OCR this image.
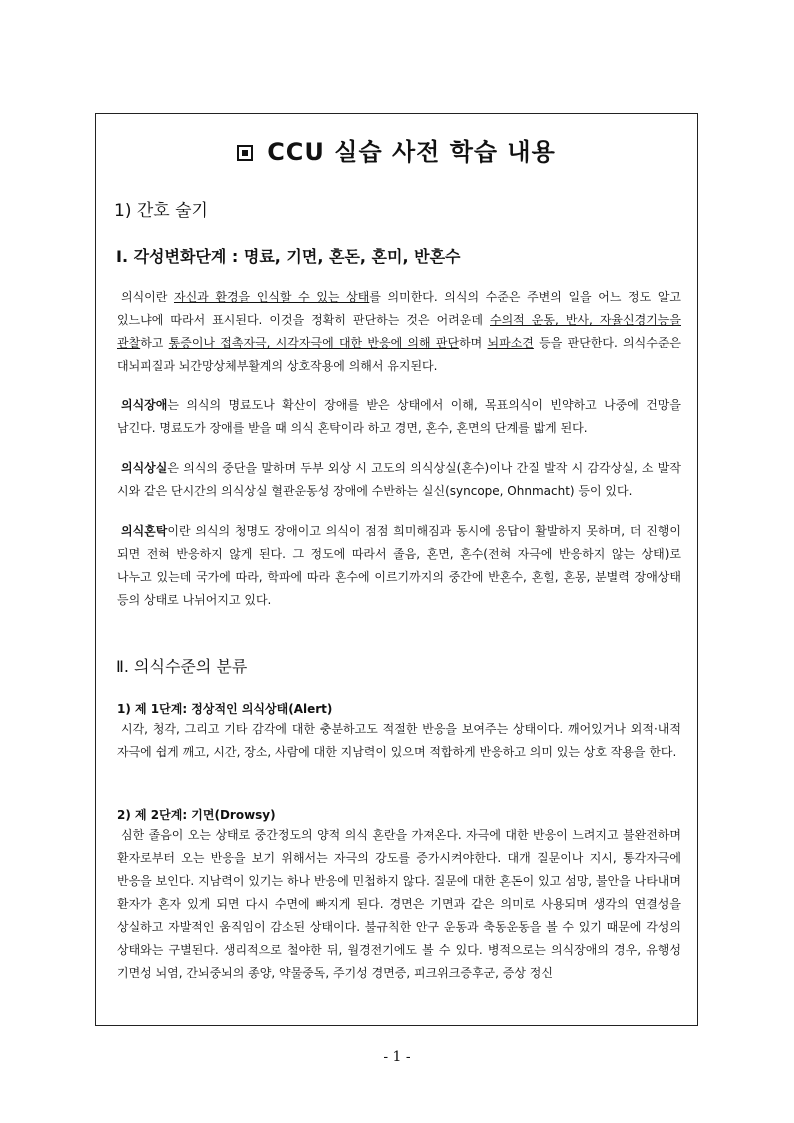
CCU 실습 사전 학습 내용
1) 간호 술기
Ⅰ. 각성변화단계 : 명료, 기면, 혼돈, 혼미, 반혼수
의식이란 자신과 환경을 인식할 수 있는 상태를 의미한다. 의식의 수준은 주변의 일을 어느 정도 알고 있느냐에 따라서 표시된다. 이것을 정확히 판단하는 것은 어려운데 수의적 운동, 반사, 자율신경기능을 관찰하고 통증이나 접촉자극, 시각자극에 대한 반응에 의해 판단하며 뇌파소견 등을 판단한다. 의식수준은 대뇌피질과 뇌간망상체부활계의 상호작용에 의해서 유지된다.
의식장애는 의식의 명료도나 확산이 장애를 받은 상태에서 이해, 목표의식이 빈약하고 나중에 건망을 남긴다. 명료도가 장애를 받을 때 의식 혼탁이라 하고 경면, 혼수, 혼면의 단계를 밟게 된다.
의식상실은 의식의 중단을 말하며 두부 외상 시 고도의 의식상실(혼수)이나 간질 발작 시 감각상실, 소 발작 시와 같은 단시간의 의식상실 혈관운동성 장애에 수반하는 실신(syncope, Ohnmacht) 등이 있다.
의식혼탁이란 의식의 청명도 장애이고 의식이 점점 희미해짐과 동시에 응답이 활발하지 못하며, 더 진행이 되면 전혀 반응하지 않게 된다. 그 정도에 따라서 졸음, 혼면, 혼수(전혀 자극에 반응하지 않는 상태)로 나누고 있는데 국가에 따라, 학파에 따라 혼수에 이르기까지의 중간에 반혼수, 혼힐, 혼몽, 분별력 장애상태 등의 상태로 나뉘어지고 있다.
Ⅱ. 의식수준의 분류
1) 제 1단계: 정상적인 의식상태(Alert)
시각, 청각, 그리고 기타 감각에 대한 충분하고도 적절한 반응을 보여주는 상태이다. 깨어있거나 외적·내적 자극에 쉽게 깨고, 시간, 장소, 사람에 대한 지남력이 있으며 적합하게 반응하고 의미 있는 상호 작용을 한다.
2) 제 2단계: 기면(Drowsy)
심한 졸음이 오는 상태로 중간정도의 양적 의식 혼란을 가져온다. 자극에 대한 반응이 느려지고 불완전하며 환자로부터 오는 반응을 보기 위해서는 자극의 강도를 증가시켜야한다. 대개 질문이나 지시, 통각자극에 반응을 보인다. 지남력이 있기는 하나 반응에 민첩하지 않다. 질문에 대한 혼돈이 있고 섬망, 불안을 나타내며 환자가 혼자 있게 되면 다시 수면에 빠지게 된다. 경면은 기면과 같은 의미로 사용되며 생각의 연결성을 상실하고 자발적인 움직임이 감소된 상태이다. 불규칙한 안구 운동과 축동운동을 볼 수 있기 때문에 각성의 상태와는 구별된다. 생리적으로 철야한 뒤, 월경전기에도 볼 수 있다. 병적으로는 의식장애의 경우, 유행성 기면성 뇌염, 간뇌중뇌의 종양, 약물중독, 주기성 경면증, 피크위크증후군, 증상 정신
- 1 -
